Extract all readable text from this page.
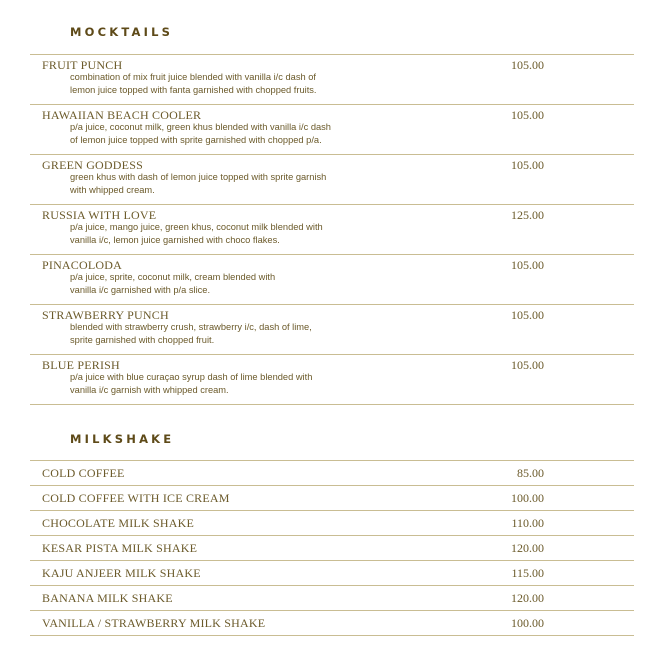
MOCKTAILS
FRUIT PUNCH	105.00
combination of mix fruit juice blended with vanilla i/c dash of
lemon juice topped with fanta garnished with chopped fruits.
HAWAIIAN BEACH COOLER	105.00
p/a juice, coconut milk, green khus blended with vanilla i/c dash
of lemon juice topped with sprite garnished with chopped p/a.
GREEN GODDESS	105.00
green khus with dash of lemon juice topped with sprite garnish
with whipped cream.
RUSSIA WITH LOVE	125.00
p/a juice, mango juice, green khus, coconut milk blended with
vanilla i/c, lemon juice garnished with choco flakes.
PINACOLODA	105.00
p/a juice, sprite, coconut milk, cream blended with
vanilla i/c garnished with p/a slice.
STRAWBERRY PUNCH	105.00
blended with strawberry crush, strawberry i/c, dash of lime,
sprite garnished with chopped fruit.
BLUE PERISH	105.00
p/a juice with blue curaçao syrup dash of lime blended with
vanilla i/c garnish with whipped cream.
MILKSHAKE
COLD COFFEE	85.00
COLD COFFEE WITH ICE CREAM	100.00
CHOCOLATE MILK SHAKE	110.00
KESAR PISTA MILK SHAKE	120.00
KAJU ANJEER MILK SHAKE	115.00
BANANA MILK SHAKE	120.00
VANILLA / STRAWBERRY MILK SHAKE	100.00
